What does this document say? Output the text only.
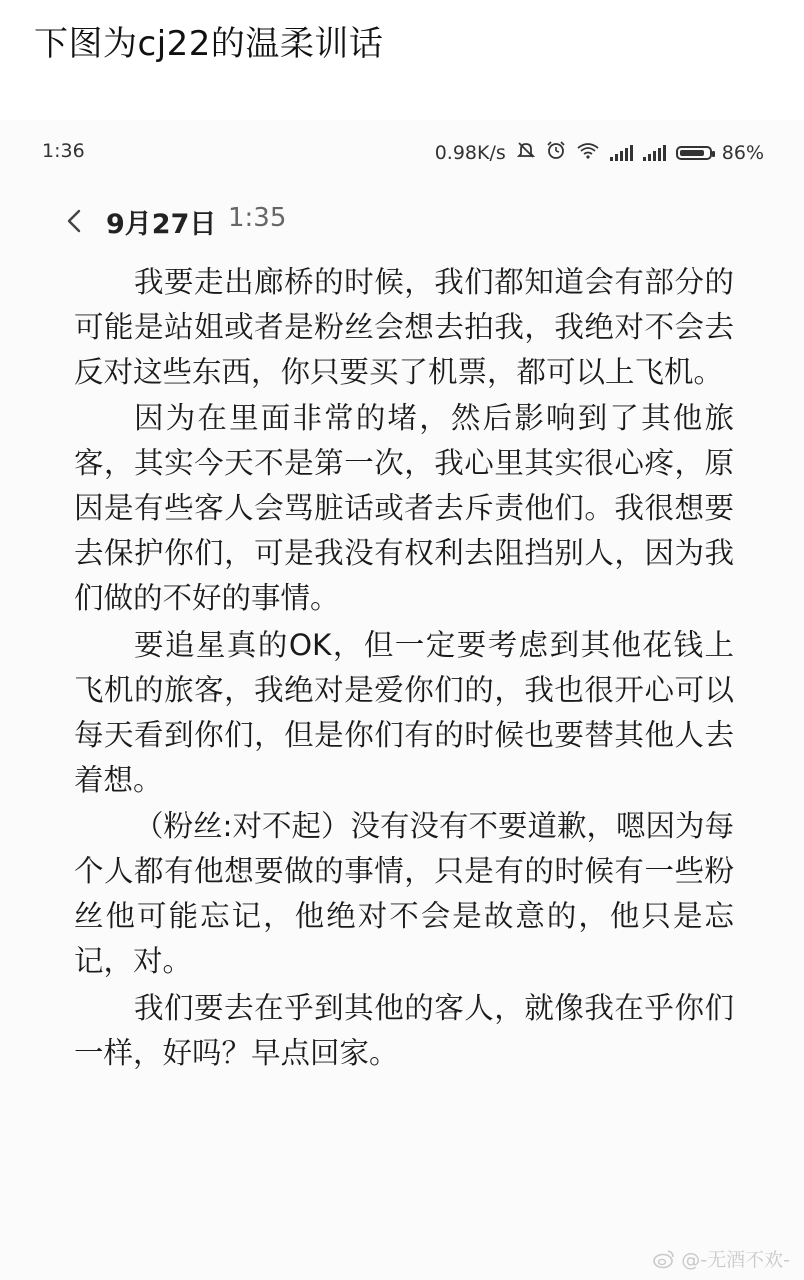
下图为cj22的温柔训话
1:36	0.98K/s	86%
9月27日 1:35

我要走出廊桥的时候，我们都知道会有部分的可能是站姐或者是粉丝会想去拍我，我绝对不会去反对这些东西，你只要买了机票，都可以上飞机。

因为在里面非常的堵，然后影响到了其他旅客，其实今天不是第一次，我心里其实很心疼，原因是有些客人会骂脏话或者去斥责他们。我很想要去保护你们，可是我没有权利去阻挡别人，因为我们做的不好的事情。

要追星真的OK，但一定要考虑到其他花钱上飞机的旅客，我绝对是爱你们的，我也很开心可以每天看到你们，但是你们有的时候也要替其他人去着想。

（粉丝:对不起）没有没有不要道歉，嗯因为每个人都有他想要做的事情，只是有的时候有一些粉丝他可能忘记，他绝对不会是故意的，他只是忘记，对。

我们要去在乎到其他的客人，就像我在乎你们一样，好吗？早点回家。

@-无酒不欢-
